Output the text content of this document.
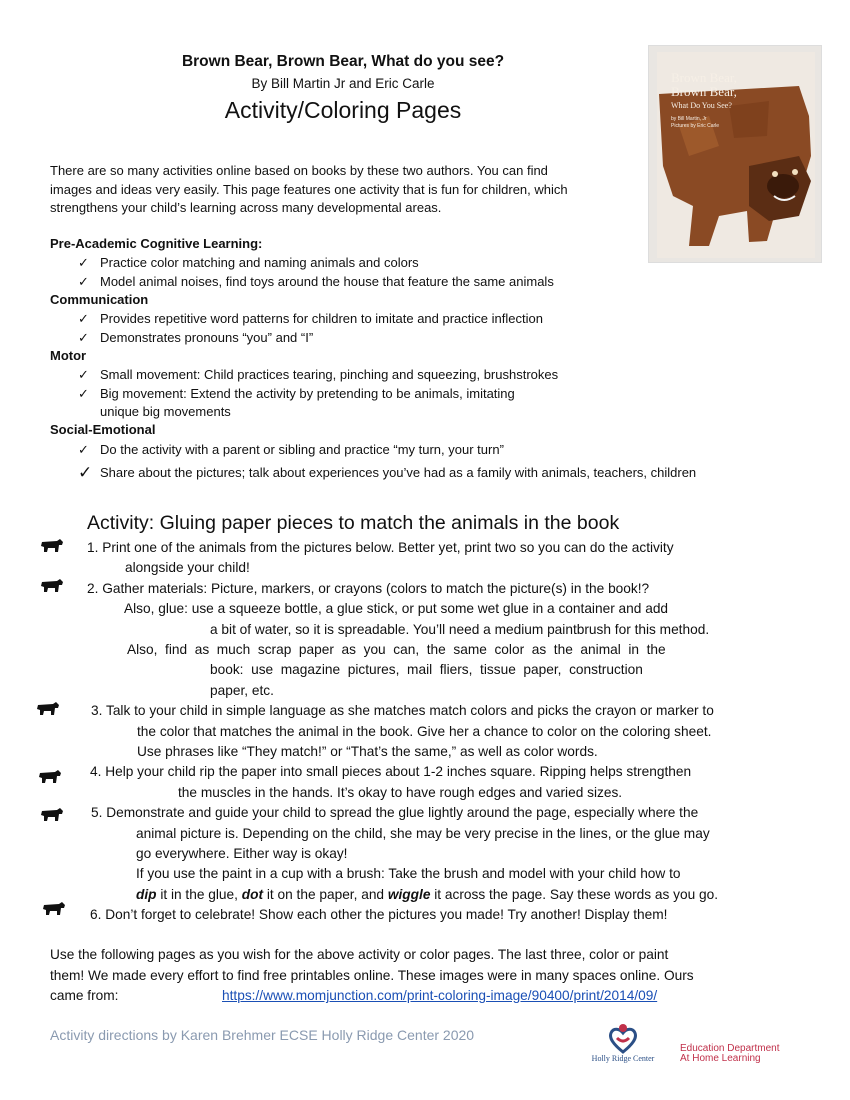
Brown Bear, Brown Bear, What do you see?
By Bill Martin Jr and Eric Carle
Activity/Coloring Pages
Brown Bear,
Brown Bear,
What Do You See?
by Bill Martin, Jr
Pictures by Eric Carle
There are so many activities online based on books by these two authors. You can find
images and ideas very easily. This page features one activity that is fun for children, which
strengthens your child’s learning across many developmental areas.
Pre-Academic Cognitive Learning:
✓ Practice color matching and naming animals and colors
✓ Model animal noises, find toys around the house that feature the same animals
Communication
✓ Provides repetitive word patterns for children to imitate and practice inflection
✓ Demonstrates pronouns “you” and “I”
Motor
✓ Small movement: Child practices tearing, pinching and squeezing, brushstrokes
✓ Big movement: Extend the activity by pretending to be animals, imitating
unique big movements
Social-Emotional
✓ Do the activity with a parent or sibling and practice “my turn, your turn”
✓ Share about the pictures; talk about experiences you’ve had as a family with animals, teachers, children
Activity: Gluing paper pieces to match the animals in the book
1. Print one of the animals from the pictures below. Better yet, print two so you can do the activity
alongside your child!
2. Gather materials: Picture, markers, or crayons (colors to match the picture(s) in the book!?
Also, glue: use a squeeze bottle, a glue stick, or put some wet glue in a container and add
a bit of water, so it is spreadable. You’ll need a medium paintbrush for this method.
Also,  find  as  much  scrap  paper  as  you  can,  the  same  color  as  the  animal  in  the
book:  use  magazine  pictures,  mail  fliers,  tissue  paper,  construction
paper, etc.
3. Talk to your child in simple language as she matches match colors and picks the crayon or marker to
the color that matches the animal in the book. Give her a chance to color on the coloring sheet.
Use phrases like “They match!” or “That’s the same,” as well as color words.
4. Help your child rip the paper into small pieces about 1-2 inches square. Ripping helps strengthen
the muscles in the hands. It’s okay to have rough edges and varied sizes.
5. Demonstrate and guide your child to spread the glue lightly around the page, especially where the
animal picture is. Depending on the child, she may be very precise in the lines, or the glue may
go everywhere. Either way is okay!
If you use the paint in a cup with a brush: Take the brush and model with your child how to
dip it in the glue, dot it on the paper, and wiggle it across the page. Say these words as you go.
6. Don’t forget to celebrate! Show each other the pictures you made! Try another! Display them!
Use the following pages as you wish for the above activity or color pages. The last three, color or paint
them! We made every effort to find free printables online. These images were in many spaces online. Ours
came from:	https://www.momjunction.com/print-coloring-image/90400/print/2014/09/
Activity directions by Karen Brehmer ECSE Holly Ridge Center 2020
Holly Ridge Center
Education Department
At Home Learning
